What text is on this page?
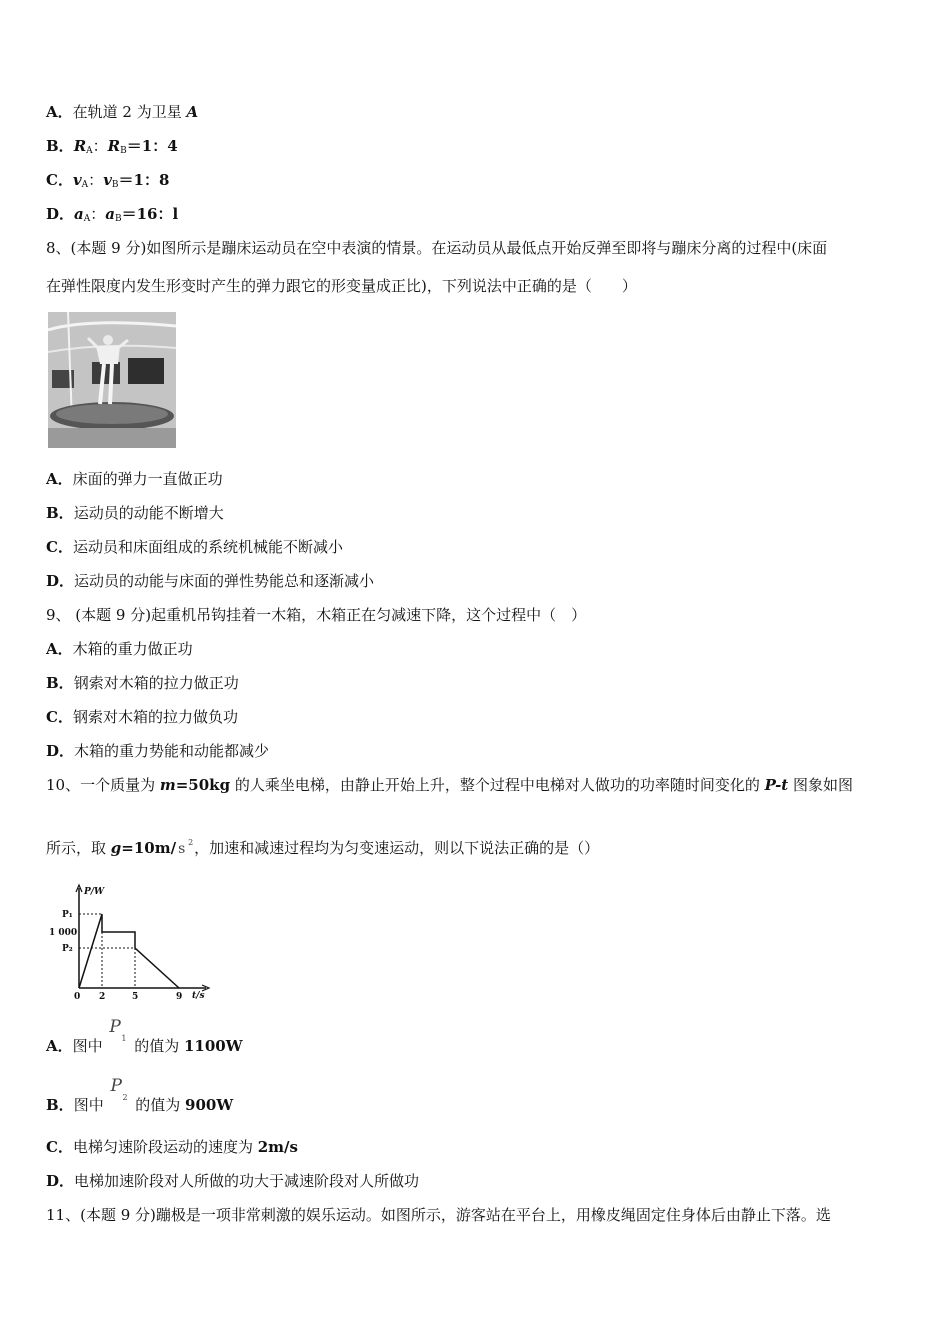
A．在轨道 2 为卫星 A
B．$R_A$：$R_B=1$：4
C．$v_A$：$v_B=1$：8
D．$a_A$：$a_B=16$：l
8、(本题 9 分)如图所示是蹦床运动员在空中表演的情景。在运动员从最低点开始反弹至即将与蹦床分离的过程中(床面
在弹性限度内发生形变时产生的弹力跟它的形变量成正比)，下列说法中正确的是（　　）
A．床面的弹力一直做正功
B．运动员的动能不断增大
C．运动员和床面组成的系统机械能不断减小
D．运动员的动能与床面的弹性势能总和逐渐减小
9、 (本题 9 分)起重机吊钩挂着一木箱，木箱正在匀减速下降，这个过程中（　）
A．木箱的重力做正功
B．钢索对木箱的拉力做正功
C．钢索对木箱的拉力做负功
D．木箱的重力势能和动能都减少
10、一个质量为 m=50kg 的人乘坐电梯，由静止开始上升，整个过程中电梯对人做功的功率随时间变化的 P-t 图象如图
所示，取 g=10m/ s 2 ，加速和减速过程均为匀变速运动，则以下说法正确的是（）
P/W
t/s
P₁
1 000
P₂
0 2	5	9
A．图中
P
1 的值为 1100W
B．图中
P
2 的值为 900W
C．电梯匀速阶段运动的速度为 2m/s
D．电梯加速阶段对人所做的功大于减速阶段对人所做功
11、(本题 9 分)蹦极是一项非常刺激的娱乐运动。如图所示，游客站在平台上，用橡皮绳固定住身体后由静止下落。选
